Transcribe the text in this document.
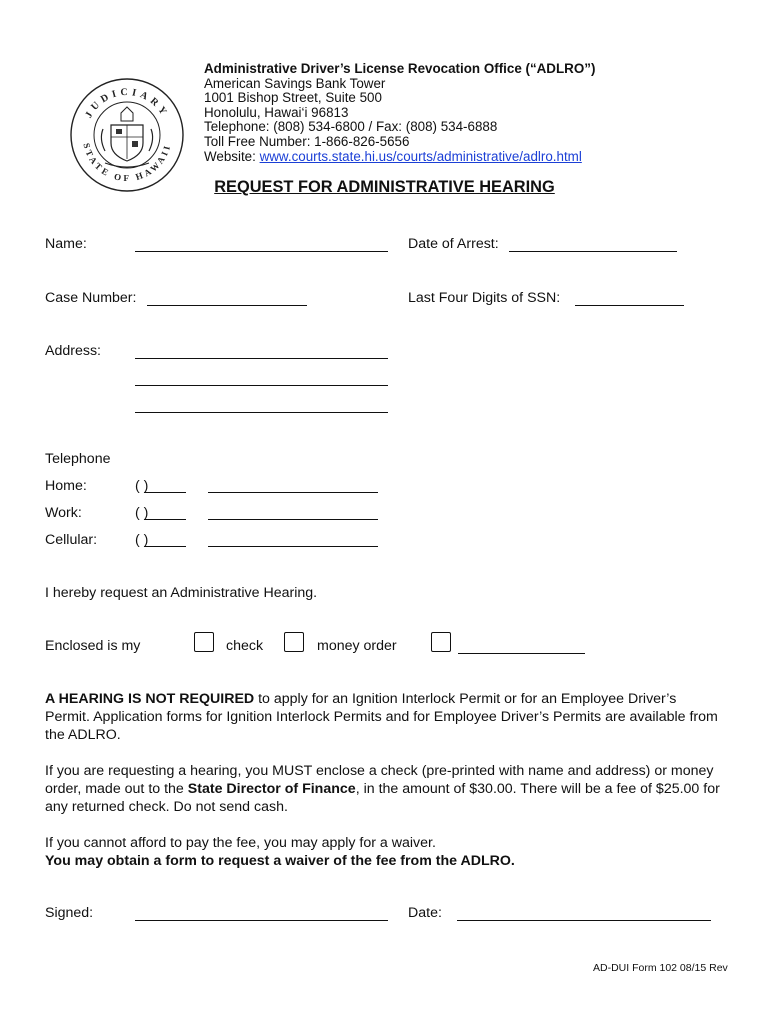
JUDICIARY
STATE OF HAWAII
Administrative Driver’s License Revocation Office (“ADLRO”)
American Savings Bank Tower
1001 Bishop Street, Suite 500
Honolulu, Hawai‘i 96813
Telephone: (808) 534-6800 / Fax: (808) 534-6888
Toll Free Number: 1-866-826-5656
Website: www.courts.state.hi.us/courts/administrative/adlro.html
REQUEST FOR ADMINISTRATIVE HEARING
Name:	Date of Arrest:
Case Number:	Last Four Digits of SSN:
Address:
Telephone
Home:	( )
Work:	( )
Cellular:	( )
I hereby request an Administrative Hearing.
Enclosed is my	check	money order
A HEARING IS NOT REQUIRED to apply for an Ignition Interlock Permit or for an Employee Driver’s Permit. Application forms for Ignition Interlock Permits and for Employee Driver’s Permits are available from the ADLRO.
If you are requesting a hearing, you MUST enclose a check (pre-printed with name and address) or money order, made out to the State Director of Finance, in the amount of $30.00. There will be a fee of $25.00 for any returned check. Do not send cash.
If you cannot afford to pay the fee, you may apply for a waiver.
You may obtain a form to request a waiver of the fee from the ADLRO.
Signed:	Date:
AD-DUI Form 102 08/15 Rev
